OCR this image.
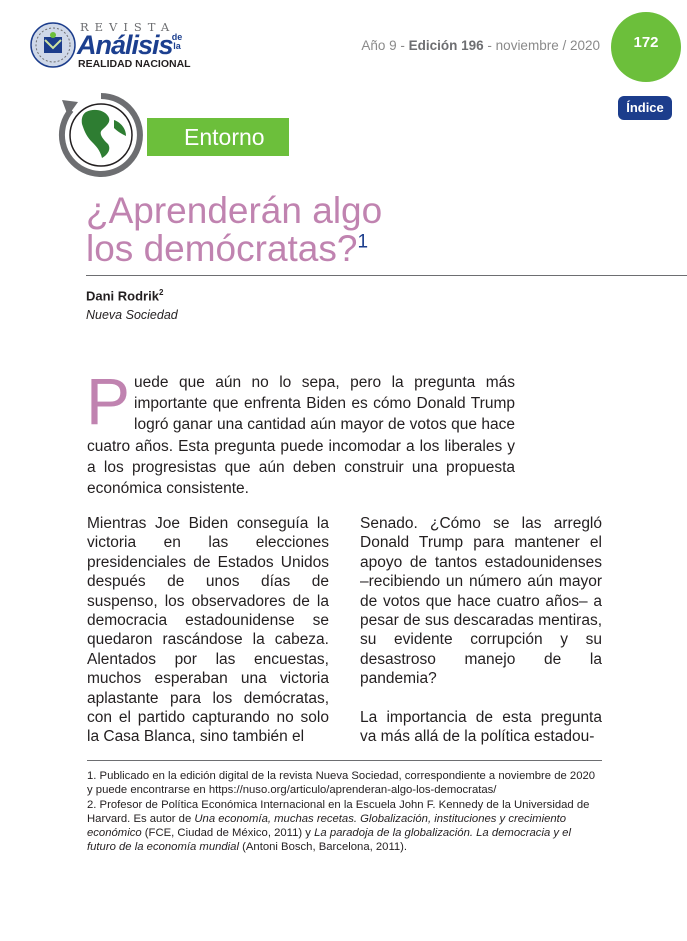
REVISTA
Análisis de la
REALIDAD NACIONAL
Año 9 - Edición 196 - noviembre / 2020	172
Índice
Entorno
¿Aprenderán algo
los demócratas?$^1$
Dani Rodrik$^2$
Nueva Sociedad
Puede que aún no lo sepa, pero la pregunta más importante que enfrenta Biden es cómo Donald Trump logró ganar una cantidad aún mayor de votos que hace cuatro años. Esta pregunta puede incomodar a los liberales y a los progresistas que aún deben construir una propuesta económica consistente.

Mientras Joe Biden conseguía la victoria en las elecciones presidenciales de Estados Unidos después de unos días de suspenso, los observadores de la democracia estadounidense se quedaron rascándose la cabeza. Alentados por las encuestas, muchos esperaban una victoria aplastante para los demócratas, con el partido capturando no solo la Casa Blanca, sino también el

Senado. ¿Cómo se las arregló Donald Trump para mantener el apoyo de tantos estadounidenses –recibiendo un número aún mayor de votos que hace cuatro años– a pesar de sus descaradas mentiras, su evidente corrupción y su desastroso manejo de la pandemia?

La importancia de esta pregunta va más allá de la política estadou-

1. Publicado en la edición digital de la revista Nueva Sociedad, correspondiente a noviembre de 2020 y puede encontrarse en https://nuso.org/articulo/aprenderan-algo-los-democratas/

2. Profesor de Política Económica Internacional en la Escuela John F. Kennedy de la Universidad de Harvard. Es autor de Una economía, muchas recetas. Globalización, instituciones y crecimiento económico (FCE, Ciudad de México, 2011) y La paradoja de la globalización. La democracia y el futuro de la economía mundial (Antoni Bosch, Barcelona, 2011).
